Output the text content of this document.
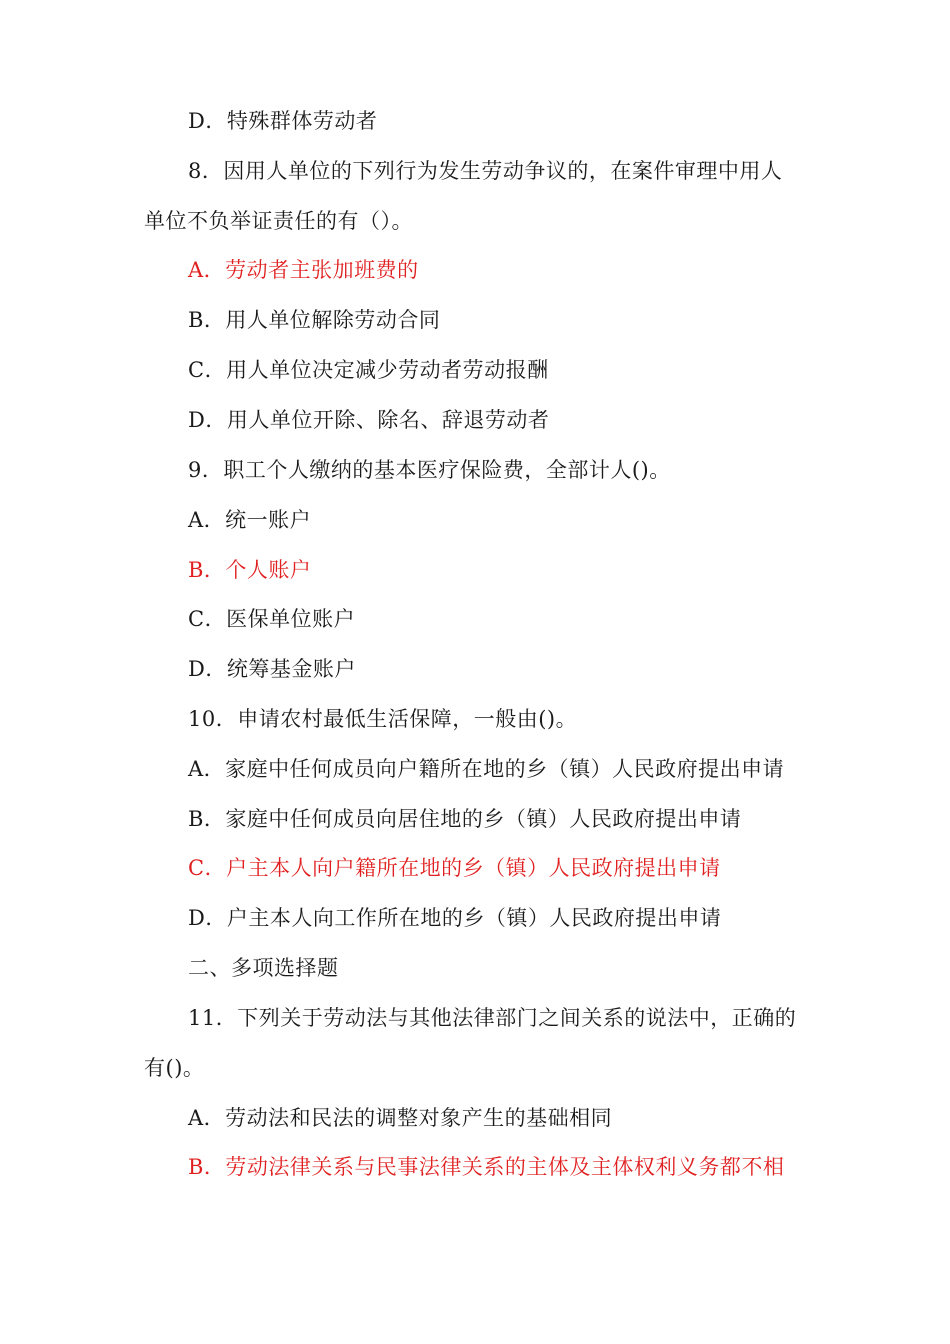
D．特殊群体劳动者
8．因用人单位的下列行为发生劳动争议的，在案件审理中用人
单位不负举证责任的有（）。
A．劳动者主张加班费的
B．用人单位解除劳动合同
C．用人单位决定减少劳动者劳动报酬
D．用人单位开除、除名、辞退劳动者
9．职工个人缴纳的基本医疗保险费，全部计人()。
A．统一账户
B．个人账户
C．医保单位账户
D．统筹基金账户
10．申请农村最低生活保障，一般由()。
A．家庭中任何成员向户籍所在地的乡（镇）人民政府提出申请
B．家庭中任何成员向居住地的乡（镇）人民政府提出申请
C．户主本人向户籍所在地的乡（镇）人民政府提出申请
D．户主本人向工作所在地的乡（镇）人民政府提出申请
二、多项选择题
11．下列关于劳动法与其他法律部门之间关系的说法中，正确的
有()。
A．劳动法和民法的调整对象产生的基础相同
B．劳动法律关系与民事法律关系的主体及主体权利义务都不相
